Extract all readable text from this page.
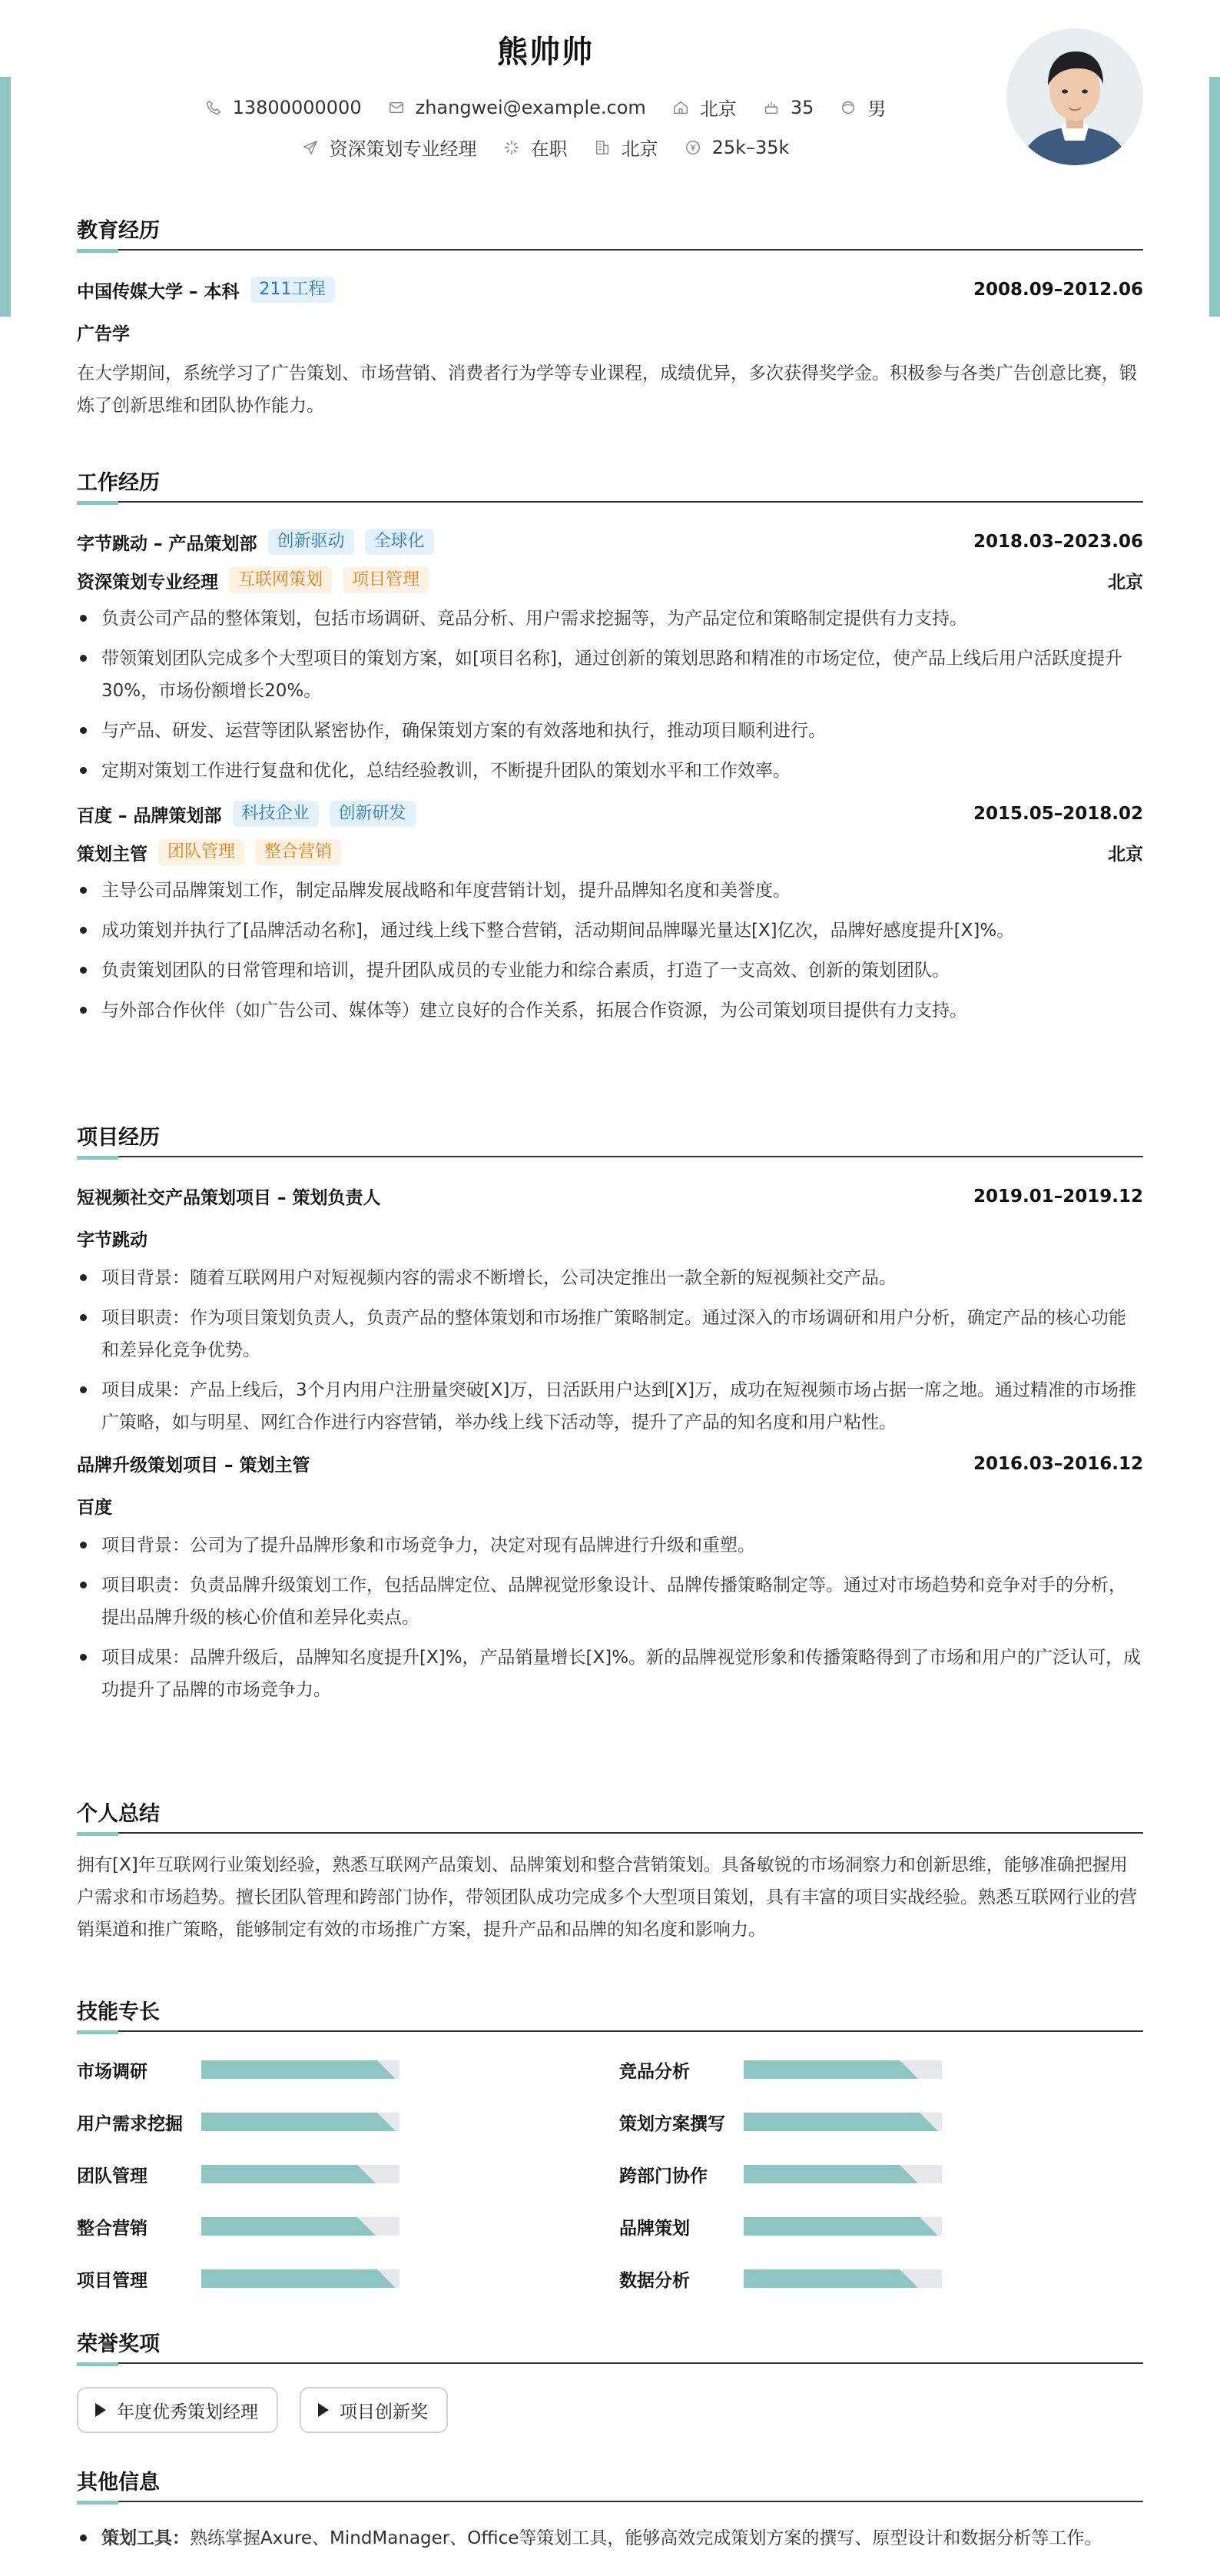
熊帅帅
13800000000	zhangwei@example.com	北京	35	男
资深策划专业经理	在职	北京	25k–35k
教育经历
中国传媒大学 – 本科	211工程	2008.09–2012.06
广告学

在大学期间，系统学习了广告策划、市场营销、消费者行为学等专业课程，成绩优异，多次获得奖学金。积极参与各类广告创意比赛，锻炼了创新思维和团队协作能力。

工作经历
字节跳动 – 产品策划部	创新驱动	全球化	2018.03–2023.06
资深策划专业经理	互联网策划	项目管理	北京
负责公司产品的整体策划，包括市场调研、竞品分析、用户需求挖掘等，为产品定位和策略制定提供有力支持。
带领策划团队完成多个大型项目的策划方案，如[项目名称]，通过创新的策划思路和精准的市场定位，使产品上线后用户活跃度提升30%，市场份额增长20%。
与产品、研发、运营等团队紧密协作，确保策划方案的有效落地和执行，推动项目顺利进行。
定期对策划工作进行复盘和优化，总结经验教训，不断提升团队的策划水平和工作效率。
百度 – 品牌策划部	科技企业	创新研发	2015.05–2018.02
策划主管	团队管理	整合营销	北京
主导公司品牌策划工作，制定品牌发展战略和年度营销计划，提升品牌知名度和美誉度。
成功策划并执行了[品牌活动名称]，通过线上线下整合营销，活动期间品牌曝光量达[X]亿次，品牌好感度提升[X]%。
负责策划团队的日常管理和培训，提升团队成员的专业能力和综合素质，打造了一支高效、创新的策划团队。
与外部合作伙伴（如广告公司、媒体等）建立良好的合作关系，拓展合作资源，为公司策划项目提供有力支持。
项目经历
短视频社交产品策划项目 – 策划负责人	2019.01–2019.12
字节跳动
项目背景：随着互联网用户对短视频内容的需求不断增长，公司决定推出一款全新的短视频社交产品。
项目职责：作为项目策划负责人，负责产品的整体策划和市场推广策略制定。通过深入的市场调研和用户分析，确定产品的核心功能和差异化竞争优势。
项目成果：产品上线后，3个月内用户注册量突破[X]万，日活跃用户达到[X]万，成功在短视频市场占据一席之地。通过精准的市场推广策略，如与明星、网红合作进行内容营销，举办线上线下活动等，提升了产品的知名度和用户粘性。
品牌升级策划项目 – 策划主管	2016.03–2016.12
百度
项目背景：公司为了提升品牌形象和市场竞争力，决定对现有品牌进行升级和重塑。
项目职责：负责品牌升级策划工作，包括品牌定位、品牌视觉形象设计、品牌传播策略制定等。通过对市场趋势和竞争对手的分析，提出品牌升级的核心价值和差异化卖点。
项目成果：品牌升级后，品牌知名度提升[X]%，产品销量增长[X]%。新的品牌视觉形象和传播策略得到了市场和用户的广泛认可，成功提升了品牌的市场竞争力。
个人总结

拥有[X]年互联网行业策划经验，熟悉互联网产品策划、品牌策划和整合营销策划。具备敏锐的市场洞察力和创新思维，能够准确把握用户需求和市场趋势。擅长团队管理和跨部门协作，带领团队成功完成多个大型项目策划，具有丰富的项目实战经验。熟悉互联网行业的营销渠道和推广策略，能够制定有效的市场推广方案，提升产品和品牌的知名度和影响力。

技能专长
市场调研	竞品分析
用户需求挖掘	策划方案撰写
团队管理	跨部门协作
整合营销	品牌策划
项目管理	数据分析
荣誉奖项
年度优秀策划经理	项目创新奖
其他信息
策划工具：熟练掌握Axure、MindManager、Office等策划工具，能够高效完成策划方案的撰写、原型设计和数据分析等工作。
